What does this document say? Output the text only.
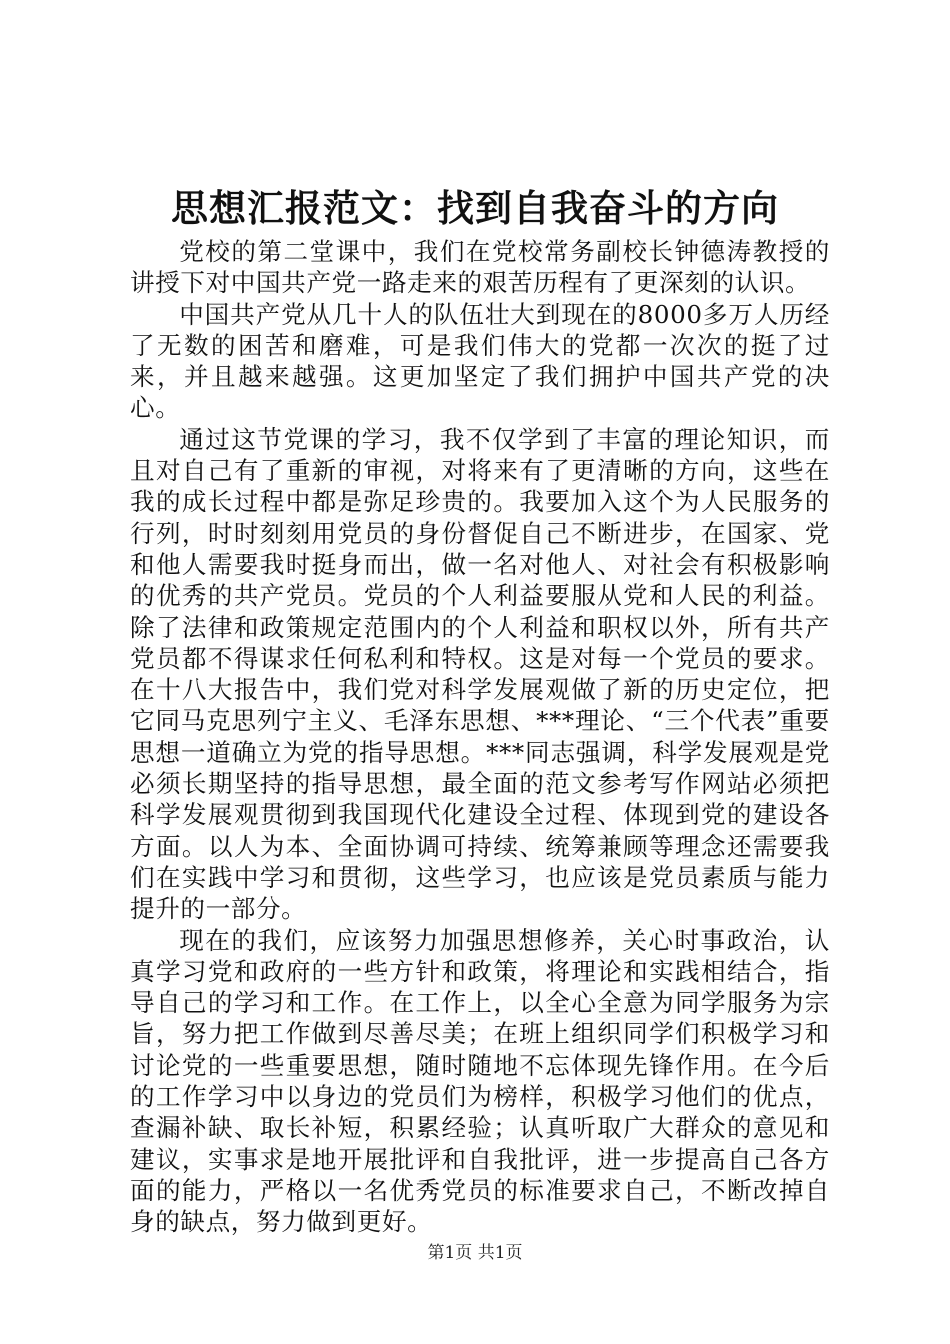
思想汇报范文：找到自我奋斗的方向

党校的第二堂课中，我们在党校常务副校长钟德涛教授的讲授下对中国共产党一路走来的艰苦历程有了更深刻的认识。

中国共产党从几十人的队伍壮大到现在的8000多万人历经了无数的困苦和磨难，可是我们伟大的党都一次次的挺了过来，并且越来越强。这更加坚定了我们拥护中国共产党的决心。

通过这节党课的学习，我不仅学到了丰富的理论知识，而且对自己有了重新的审视，对将来有了更清晰的方向，这些在我的成长过程中都是弥足珍贵的。我要加入这个为人民服务的行列，时时刻刻用党员的身份督促自己不断进步，在国家、党和他人需要我时挺身而出，做一名对他人、对社会有积极影响的优秀的共产党员。党员的个人利益要服从党和人民的利益。除了法律和政策规定范围内的个人利益和职权以外，所有共产党员都不得谋求任何私利和特权。这是对每一个党员的要求。在十八大报告中，我们党对科学发展观做了新的历史定位，把它同马克思列宁主义、毛泽东思想、***理论、“三个代表”重要思想一道确立为党的指导思想。***同志强调，科学发展观是党必须长期坚持的指导思想，最全面的范文参考写作网站必须把科学发展观贯彻到我国现代化建设全过程、体现到党的建设各方面。以人为本、全面协调可持续、统筹兼顾等理念还需要我们在实践中学习和贯彻，这些学习，也应该是党员素质与能力提升的一部分。

现在的我们，应该努力加强思想修养，关心时事政治，认真学习党和政府的一些方针和政策，将理论和实践相结合，指导自己的学习和工作。在工作上，以全心全意为同学服务为宗旨，努力把工作做到尽善尽美；在班上组织同学们积极学习和讨论党的一些重要思想，随时随地不忘体现先锋作用。在今后的工作学习中以身边的党员们为榜样，积极学习他们的优点，查漏补缺、取长补短，积累经验；认真听取广大群众的意见和建议，实事求是地开展批评和自我批评，进一步提高自己各方面的能力，严格以一名优秀党员的标准要求自己，不断改掉自身的缺点，努力做到更好。

第1页 共1页
